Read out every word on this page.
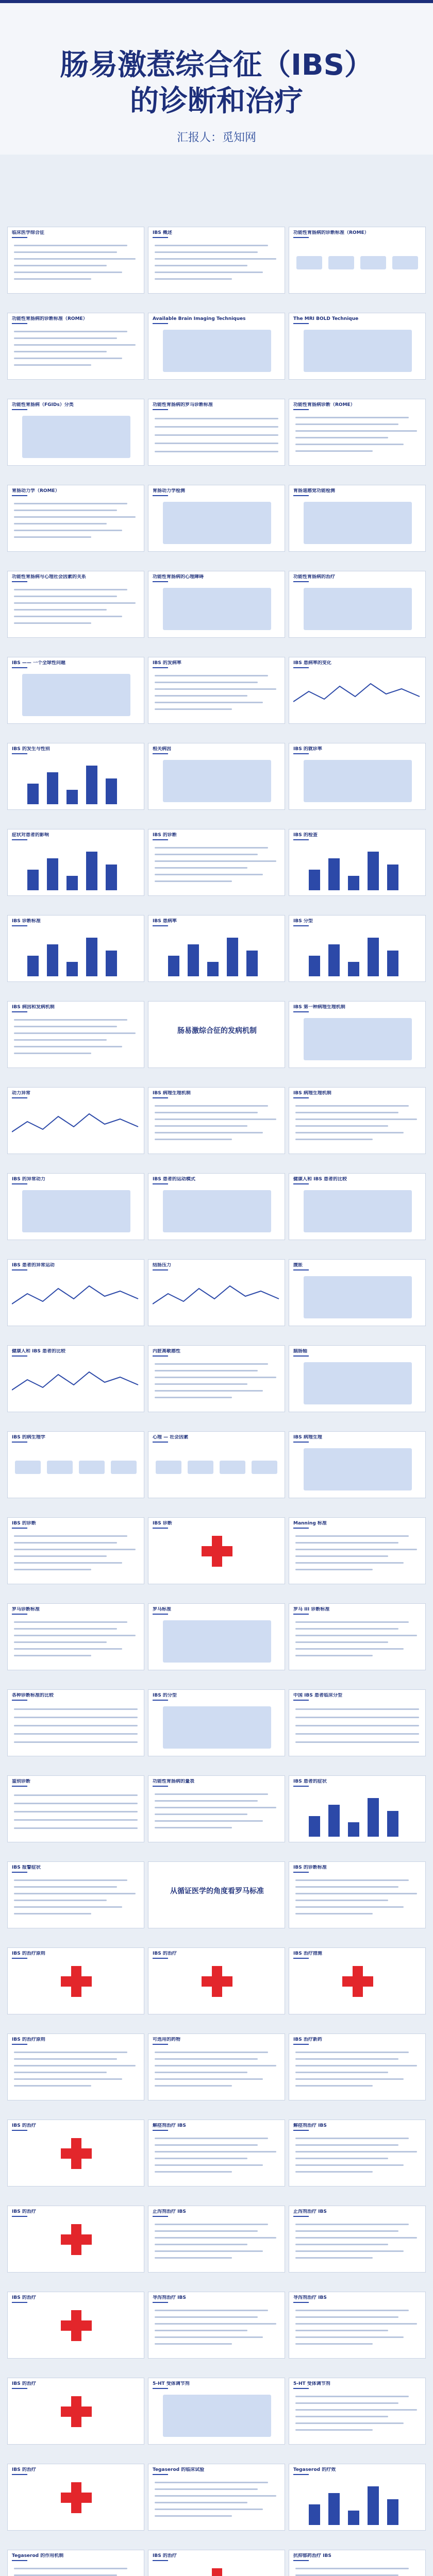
肠易激惹综合征（IBS）
的诊断和治疗
汇报人：觅知网
临床医学综合征	IBS 概述	功能性胃肠病的诊断标准（ROME）
功能性胃肠病的诊断标准（ROME）	Available Brain Imaging Techniques	The MRI BOLD Technique
功能性胃肠病（FGIDs）分类	功能性胃肠病的罗马诊断标准	功能性胃肠病诊断（ROME）
胃肠动力学（ROME）	胃肠动力学检测	胃肠道感觉功能检测
功能性胃肠病与心理社会因素的关系	功能性胃肠病的心理障碍	功能性胃肠病的治疗
IBS —— 一个全球性问题	IBS 的发病率	IBS 患病率的变化
IBS 的发生与性别	相关病因	IBS 的就诊率
症状对患者的影响	IBS 的诊断	IBS 的检查
IBS 诊断标准	IBS 患病率	IBS 分型
IBS 病因和发病机制
肠易激综合征的发病机制
IBS 第一种病理生理机制
动力异常	IBS 病理生理机制	IBS 病理生理机制
IBS 的异常动力	IBS 患者的运动模式	健康人和 IBS 患者的比较
IBS 患者的异常运动	结肠压力	腹胀
健康人和 IBS 患者的比较	内脏高敏感性	脑肠轴
IBS 的病生理学	心理 — 社会因素	IBS 病理生理
IBS 的诊断	IBS 诊断	Manning 标准
罗马诊断标准	罗马标准	罗马 III 诊断标准
各种诊断标准的比较	IBS 的分型	中国 IBS 患者临床分型
鉴别诊断	功能性胃肠病的量表	IBS 患者的症状
IBS 报警症状
从循证医学的角度看罗马标准
IBS 的诊断标准
IBS 的治疗原则	IBS 的治疗	IBS 治疗措施
IBS 的治疗原则	可选用的药物	IBS 治疗新药
IBS 的治疗	解痉剂治疗 IBS	解痉剂治疗 IBS
IBS 的治疗	止泻剂治疗 IBS	止泻剂治疗 IBS
IBS 的治疗	导泻剂治疗 IBS	导泻剂治疗 IBS
IBS 的治疗	5-HT 受体调节剂	5-HT 受体调节剂
IBS 的治疗	Tegaserod 的临床试验	Tegaserod 的疗效
Tegaserod 的作用机制	IBS 的治疗	抗抑郁药治疗 IBS
